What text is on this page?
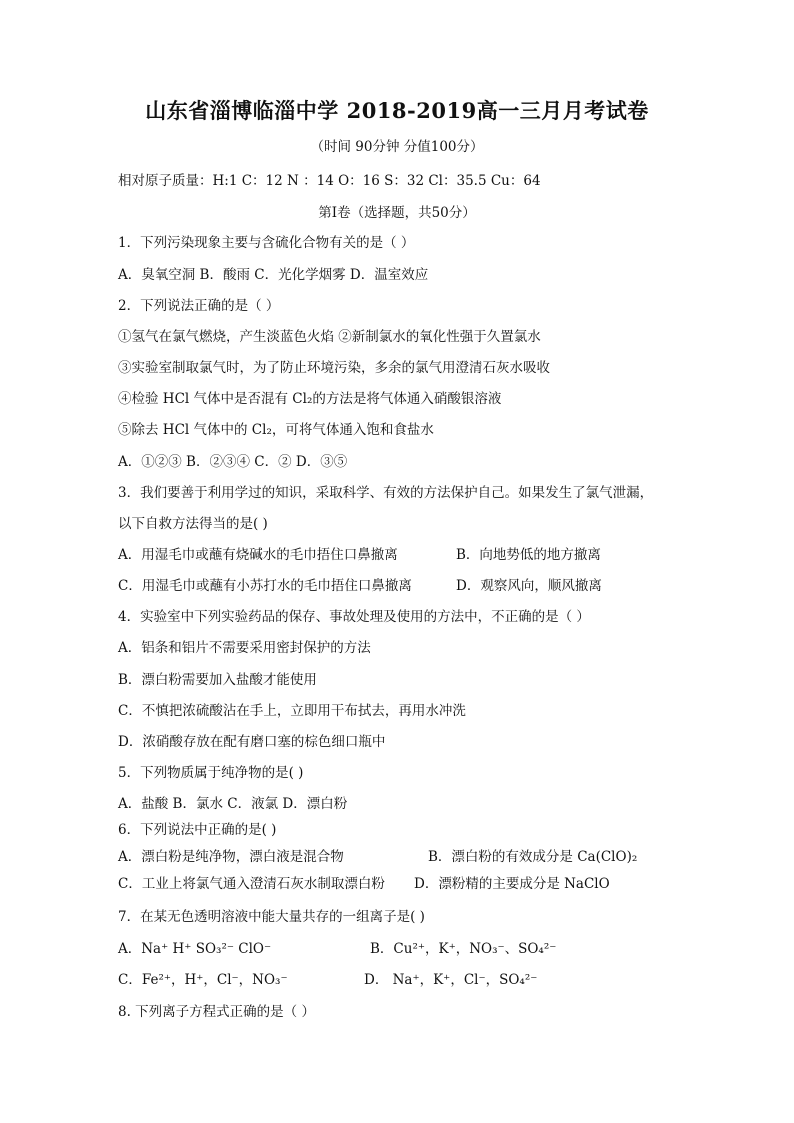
山东省淄博临淄中学 2018-2019高一三月月考试卷
（时间 90分钟 分值100分）
相对原子质量：H:1 C：12 N ：14 O：16 S：32 Cl：35.5 Cu：64
第Ⅰ卷（选择题，共50分）
1．下列污染现象主要与含硫化合物有关的是（ ）
A．臭氧空洞 B．酸雨 C．光化学烟雾 D．温室效应
2．下列说法正确的是（ ）
①氢气在氯气燃烧，产生淡蓝色火焰 ②新制氯水的氧化性强于久置氯水
③实验室制取氯气时，为了防止环境污染，多余的氯气用澄清石灰水吸收
④检验 HCl 气体中是否混有 Cl₂的方法是将气体通入硝酸银溶液
⑤除去 HCl 气体中的 Cl₂，可将气体通入饱和食盐水
A．①②③ B．②③④ C．② D．③⑤
3．我们要善于利用学过的知识，采取科学、有效的方法保护自己。如果发生了氯气泄漏，
以下自救方法得当的是( )
A．用湿毛巾或蘸有烧碱水的毛巾捂住口鼻撤离	B．向地势低的地方撤离
C．用湿毛巾或蘸有小苏打水的毛巾捂住口鼻撤离	D．观察风向，顺风撤离
4．实验室中下列实验药品的保存、事故处理及使用的方法中，不正确的是（ ）
A．铝条和铝片不需要采用密封保护的方法
B．漂白粉需要加入盐酸才能使用
C．不慎把浓硫酸沾在手上，立即用干布拭去，再用水冲洗
D．浓硝酸存放在配有磨口塞的棕色细口瓶中
5．下列物质属于纯净物的是( )
A．盐酸 B．氯水 C．液氯 D．漂白粉
6．下列说法中正确的是( )
A．漂白粉是纯净物，漂白液是混合物	B．漂白粉的有效成分是 Ca(ClO)₂
C．工业上将氯气通入澄清石灰水制取漂白粉 D．漂粉精的主要成分是 NaClO
7．在某无色透明溶液中能大量共存的一组离子是( )
A．Na⁺ H⁺ SO₃²⁻ ClO⁻	B．Cu²⁺，K⁺，NO₃⁻、SO₄²⁻
C．Fe²⁺，H⁺，Cl⁻，NO₃⁻	D． Na⁺，K⁺，Cl⁻，SO₄²⁻
8. 下列离子方程式正确的是（ ）
